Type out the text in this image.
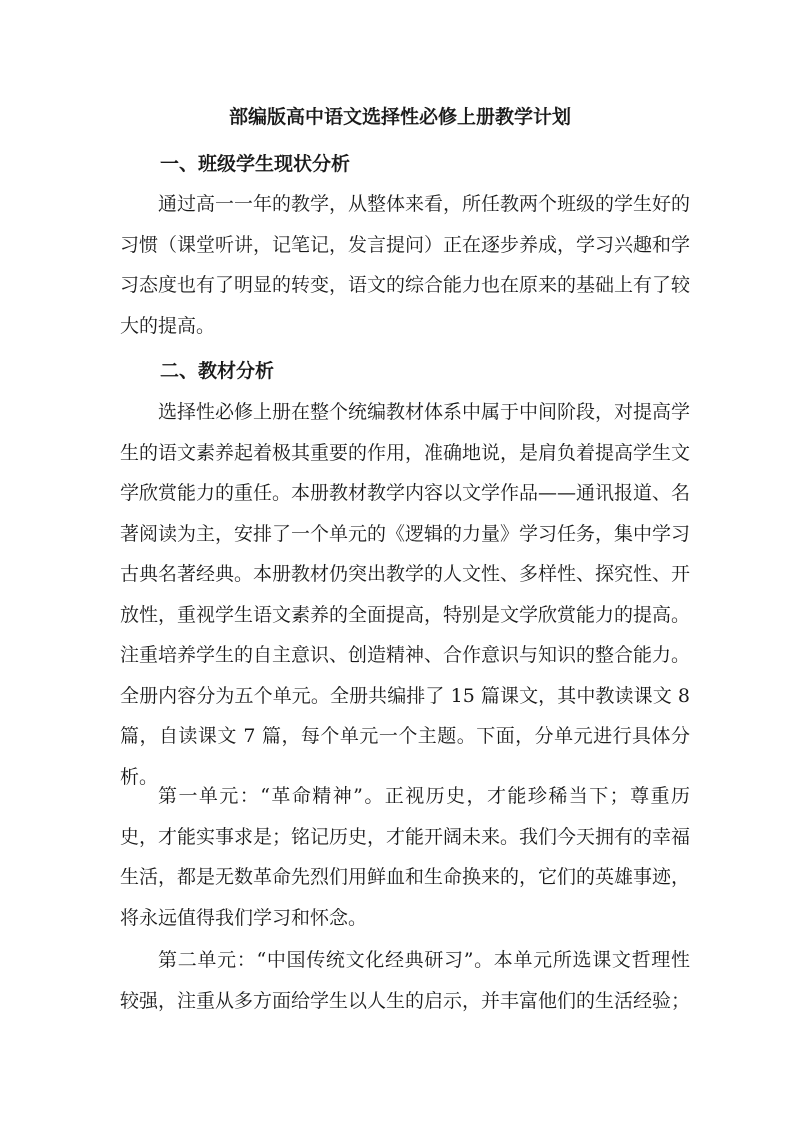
部编版高中语文选择性必修上册教学计划
一、班级学生现状分析

通过高一一年的教学，从整体来看，所任教两个班级的学生好的习惯（课堂听讲，记笔记，发言提问）正在逐步养成，学习兴趣和学习态度也有了明显的转变，语文的综合能力也在原来的基础上有了较大的提高。

二、教材分析

选择性必修上册在整个统编教材体系中属于中间阶段，对提高学生的语文素养起着极其重要的作用，准确地说，是肩负着提高学生文学欣赏能力的重任。本册教材教学内容以文学作品——通讯报道、名著阅读为主，安排了一个单元的《逻辑的力量》学习任务，集中学习古典名著经典。本册教材仍突出教学的人文性、多样性、探究性、开放性，重视学生语文素养的全面提高，特别是文学欣赏能力的提高。注重培养学生的自主意识、创造精神、合作意识与知识的整合能力。全册内容分为五个单元。全册共编排了 15 篇课文，其中教读课文 8 篇，自读课文 7 篇，每个单元一个主题。下面，分单元进行具体分析。

第一单元：“革命精神”。正视历史，才能珍稀当下；尊重历史，才能实事求是；铭记历史，才能开阔未来。我们今天拥有的幸福生活，都是无数革命先烈们用鲜血和生命换来的，它们的英雄事迹，将永远值得我们学习和怀念。

第二单元：“中国传统文化经典研习”。本单元所选课文哲理性较强，注重从多方面给学生以人生的启示，并丰富他们的生活经验；
